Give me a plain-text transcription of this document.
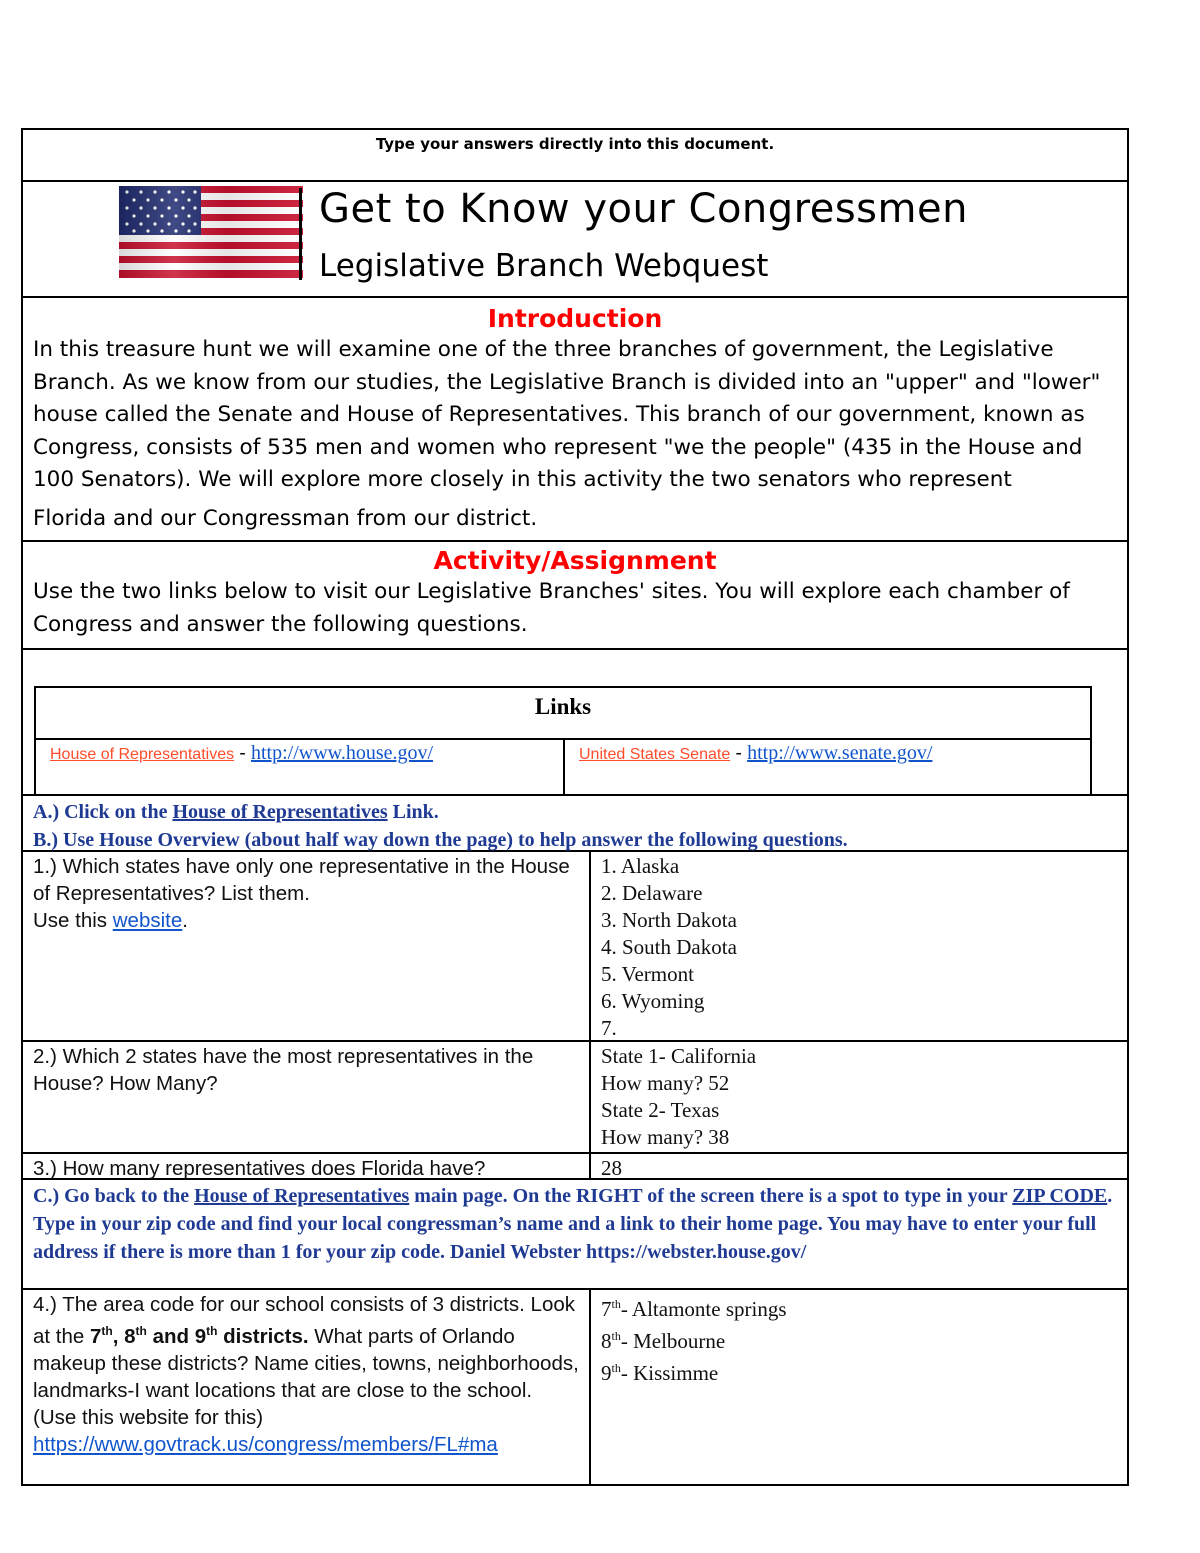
Type your answers directly into this document.
Get to Know your Congressmen
Legislative Branch Webquest
Introduction
In this treasure hunt we will examine one of the three branches of government, the Legislative Branch. As we know from our studies, the Legislative Branch is divided into an "upper" and "lower" house called the Senate and House of Representatives. This branch of our government, known as Congress, consists of 535 men and women who represent "we the people" (435 in the House and 100 Senators). We will explore more closely in this activity the two senators who represent
Florida and our Congressman from our district.
Activity/Assignment
Use the two links below to visit our Legislative Branches' sites. You will explore each chamber of Congress and answer the following questions.
Links
House of Representatives - http://www.house.gov/	United States Senate - http://www.senate.gov/
A.) Click on the House of Representatives Link.
B.) Use House Overview (about half way down the page) to help answer the following questions.
1.) Which states have only one representative in the House of Representatives? List them.
Use this website.
1. Alaska
2. Delaware
3. North Dakota
4. South Dakota
5. Vermont
6. Wyoming
7.
2.) Which 2 states have the most representatives in the House? How Many?
State 1- California
How many? 52
State 2- Texas
How many? 38
3.) How many representatives does Florida have?	28
C.) Go back to the House of Representatives main page. On the RIGHT of the screen there is a spot to type in your ZIP CODE. Type in your zip code and find your local congressman’s name and a link to their home page. You may have to enter your full address if there is more than 1 for your zip code. Daniel Webster https://webster.house.gov/
4.) The area code for our school consists of 3 districts. Look at the 7th, 8th and 9th districts. What parts of Orlando makeup these districts? Name cities, towns, neighborhoods, landmarks-I want locations that are close to the school. (Use this website for this)
https://www.govtrack.us/congress/members/FL#ma
7th- Altamonte springs
8th- Melbourne
9th- Kissimme
